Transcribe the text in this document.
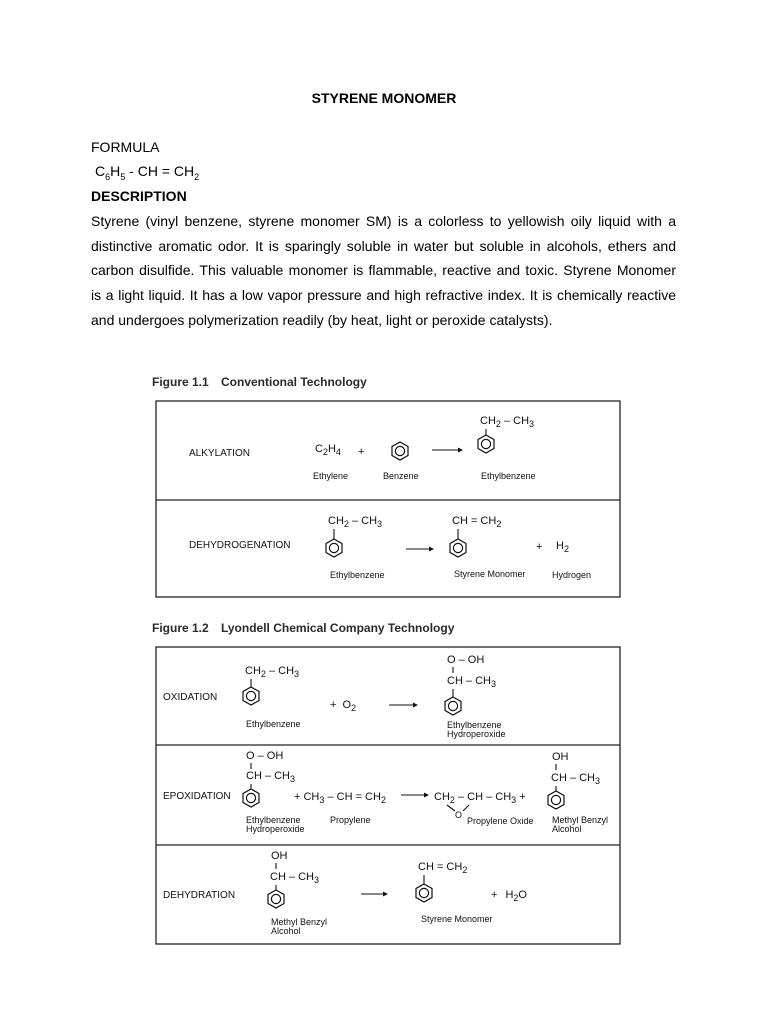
STYRENE MONOMER
FORMULA
$C_6H_5$ - CH = $CH_2$
DESCRIPTION
Styrene (vinyl benzene, styrene monomer SM) is a colorless to yellowish oily liquid with a
distinctive aromatic odor. It is sparingly soluble in water but soluble in alcohols, ethers and
carbon disulfide. This valuable monomer is flammable, reactive and toxic. Styrene Monomer
is a light liquid. It has a low vapor pressure and high refractive index. It is chemically reactive
and undergoes polymerization readily (by heat, light or peroxide catalysts).
Figure 1.1 Conventional Technology
Figure 1.2 Lyondell Chemical Company Technology
ALKYLATION	$C_2H_4$ +
$CH_2 - CH_3$
Ethylene	Benzene	Ethylbenzene
DEHYDROGENATION
$CH_2 - CH_3$	CH = $CH_2$
+ $H_2$
Ethylbenzene	Styrene Monomer	Hydrogen
OXIDATION
$CH_2 - CH_3$
+ $O_2$
O – OH
CH – $CH_3$
Ethylbenzene	Ethylbenzene
Hydroperoxide
EPOXIDATION
O – OH
CH – $CH_3$
+ $CH_3$ – CH = $CH_2$	$CH_2$ – CH – $CH_3$ +
O
OH
CH – $CH_3$
Ethylbenzene
Hydroperoxide
Propylene	Propylene Oxide Methyl Benzyl
Alcohol
DEHYDRATION
OH
CH – $CH_3$
CH = $CH_2$
+ $H_2O$
Methyl Benzyl
Alcohol
Styrene Monomer
